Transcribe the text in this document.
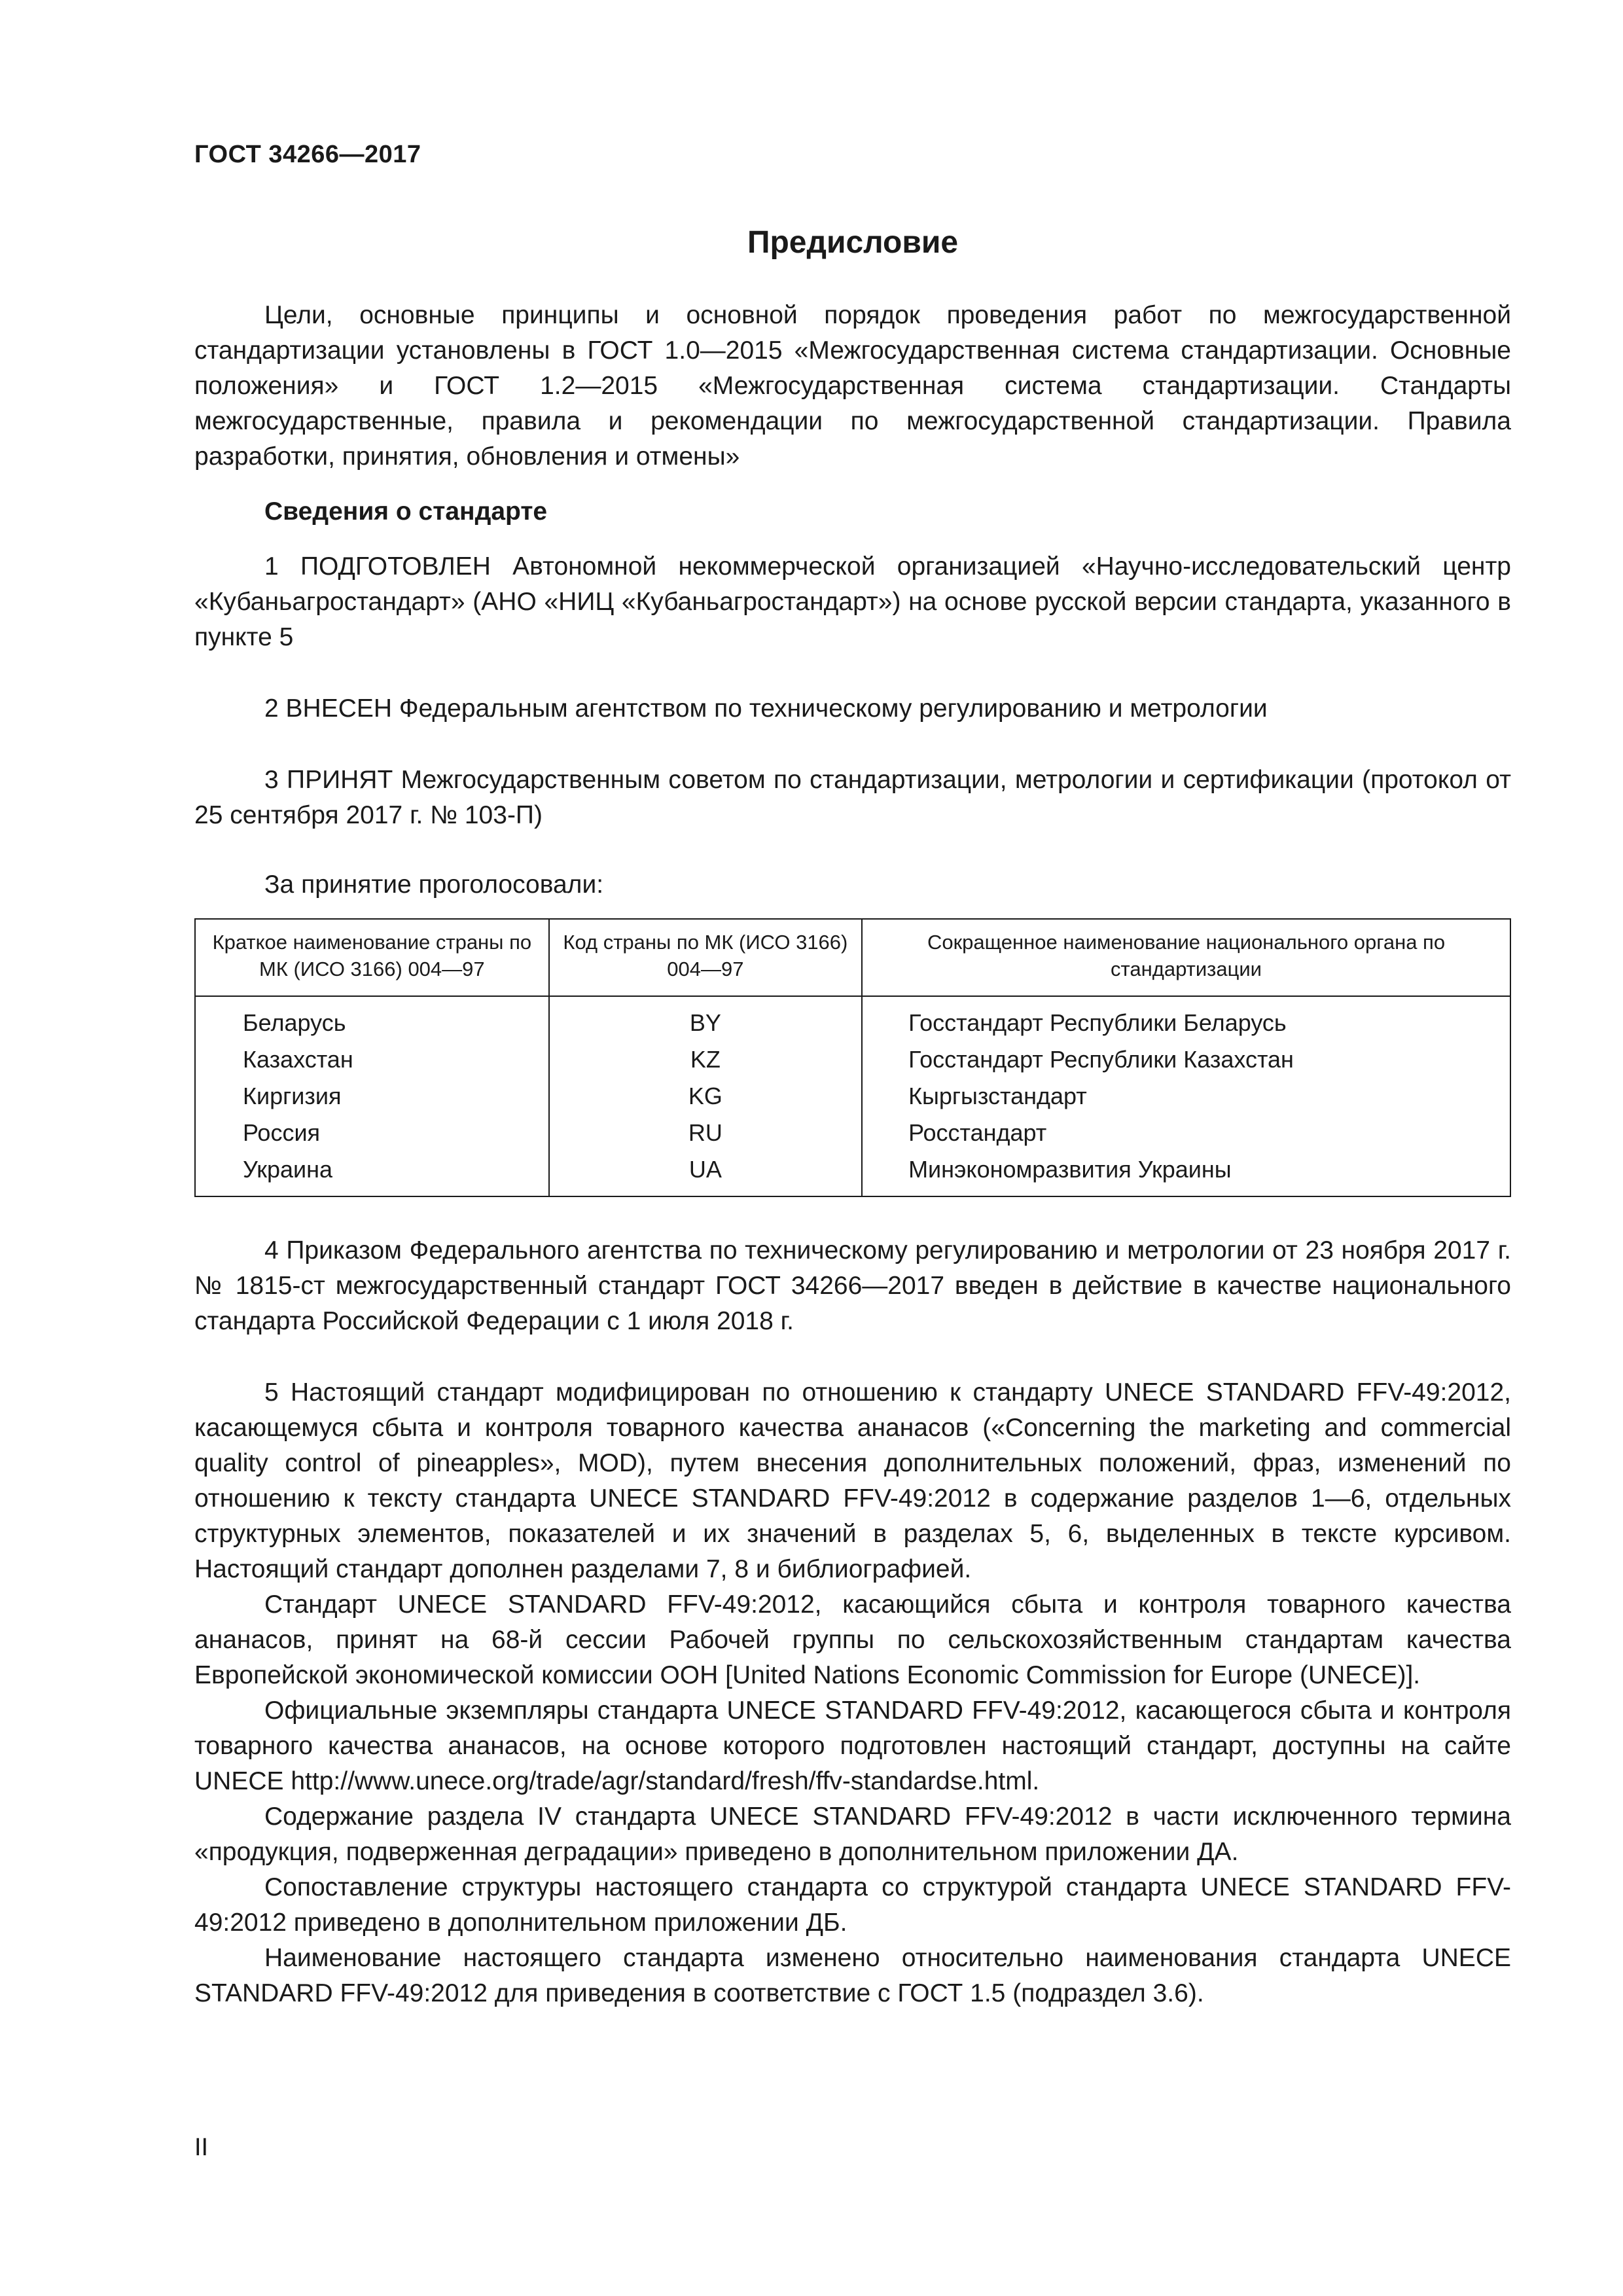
ГОСТ 34266—2017
Предисловие

Цели, основные принципы и основной порядок проведения работ по межгосударственной стандартизации установлены в ГОСТ 1.0—2015 «Межгосударственная система стандартизации. Основные положения» и ГОСТ 1.2—2015 «Межгосударственная система стандартизации. Стандарты межгосударственные, правила и рекомендации по межгосударственной стандартизации. Правила разработки, принятия, обновления и отмены»

Сведения о стандарте

1 ПОДГОТОВЛЕН Автономной некоммерческой организацией «Научно-исследовательский центр «Кубаньагростандарт» (АНО «НИЦ «Кубаньагростандарт») на основе русской версии стандарта, указанного в пункте 5

2 ВНЕСЕН Федеральным агентством по техническому регулированию и метрологии

3 ПРИНЯТ Межгосударственным советом по стандартизации, метрологии и сертификации (протокол от 25 сентября 2017 г. № 103-П)

За принятие проголосовали:
Краткое наименование страны по МК (ИСО 3166) 004—97	Код страны по МК (ИСО 3166) 004—97	Сокращенное наименование национального органа по стандартизации
Беларусь	BY	Госстандарт Республики Беларусь
Казахстан	KZ	Госстандарт Республики Казахстан
Киргизия	KG	Кыргызстандарт
Россия	RU	Росстандарт
Украина	UA	Минэкономразвития Украины

4 Приказом Федерального агентства по техническому регулированию и метрологии от 23 ноября 2017 г. № 1815-ст межгосударственный стандарт ГОСТ 34266—2017 введен в действие в качестве национального стандарта Российской Федерации с 1 июля 2018 г.

5 Настоящий стандарт модифицирован по отношению к стандарту UNECE STANDARD FFV-49:2012, касающемуся сбыта и контроля товарного качества ананасов («Concerning the marketing and commercial quality control of pineapples», MOD), путем внесения дополнительных положений, фраз, изменений по отношению к тексту стандарта UNECE STANDARD FFV-49:2012 в содержание разделов 1—6, отдельных структурных элементов, показателей и их значений в разделах 5, 6, выделенных в тексте курсивом. Настоящий стандарт дополнен разделами 7, 8 и библиографией.

Стандарт UNECE STANDARD FFV-49:2012, касающийся сбыта и контроля товарного качества ананасов, принят на 68-й сессии Рабочей группы по сельскохозяйственным стандартам качества Европейской экономической комиссии ООН [United Nations Economic Commission for Europe (UNECE)].

Официальные экземпляры стандарта UNECE STANDARD FFV-49:2012, касающегося сбыта и контроля товарного качества ананасов, на основе которого подготовлен настоящий стандарт, доступны на сайте UNECE http://www.unece.org/trade/agr/standard/fresh/ffv-standardse.html.

Содержание раздела IV стандарта UNECE STANDARD FFV-49:2012 в части исключенного термина «продукция, подверженная деградации» приведено в дополнительном приложении ДА.

Сопоставление структуры настоящего стандарта со структурой стандарта UNECE STANDARD FFV-49:2012 приведено в дополнительном приложении ДБ.

Наименование настоящего стандарта изменено относительно наименования стандарта UNECE STANDARD FFV-49:2012 для приведения в соответствие с ГОСТ 1.5 (подраздел 3.6).

II
